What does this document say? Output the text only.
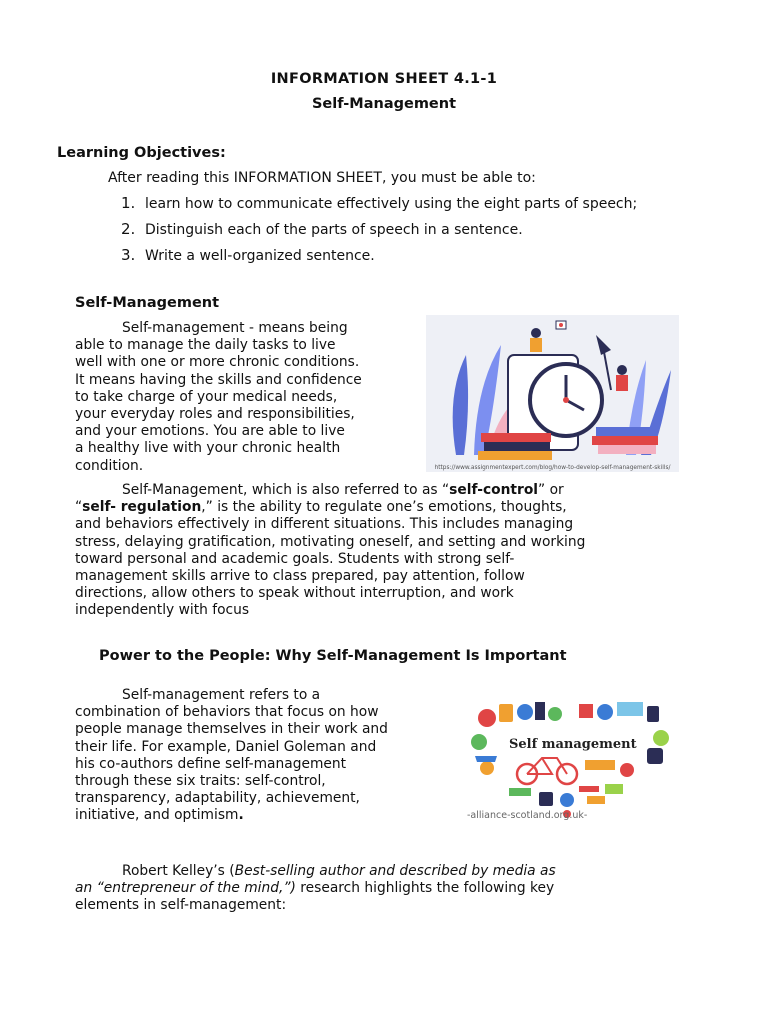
INFORMATION SHEET 4.1-1
Self-Management
Learning Objectives:
After reading this INFORMATION SHEET, you must be able to:
1. learn how to communicate effectively using the eight parts of speech;
2. Distinguish each of the parts of speech in a sentence.
3. Write a well-organized sentence.
Self-Management
Self-management - means being
able to manage the daily tasks to live
well with one or more chronic conditions.
It means having the skills and confidence
to take charge of your medical needs,
your everyday roles and responsibilities,
and your emotions. You are able to live
a healthy live with your chronic health
condition.	https://www.assignmentexpert.com/blog/how-to-develop-self-management-skills/
Self-Management, which is also referred to as “self-control” or
“self- regulation,” is the ability to regulate one’s emotions, thoughts,
and behaviors effectively in different situations. This includes managing
stress, delaying gratification, motivating oneself, and setting and working
toward personal and academic goals. Students with strong self-
management skills arrive to class prepared, pay attention, follow
directions, allow others to speak without interruption, and work
independently with focus
Power to the People: Why Self-Management Is Important
Self-management refers to a
combination of behaviors that focus on how
people manage themselves in their work and
their life. For example, Daniel Goleman and
his co-authors define self-management
through these six traits: self-control,
transparency, adaptability, achievement,
initiative, and optimism.
Self management
-alliance-scotland.org.uk-
Robert Kelley’s (Best-selling author and described by media as
an “entrepreneur of the mind,”) research highlights the following key
elements in self-management:
